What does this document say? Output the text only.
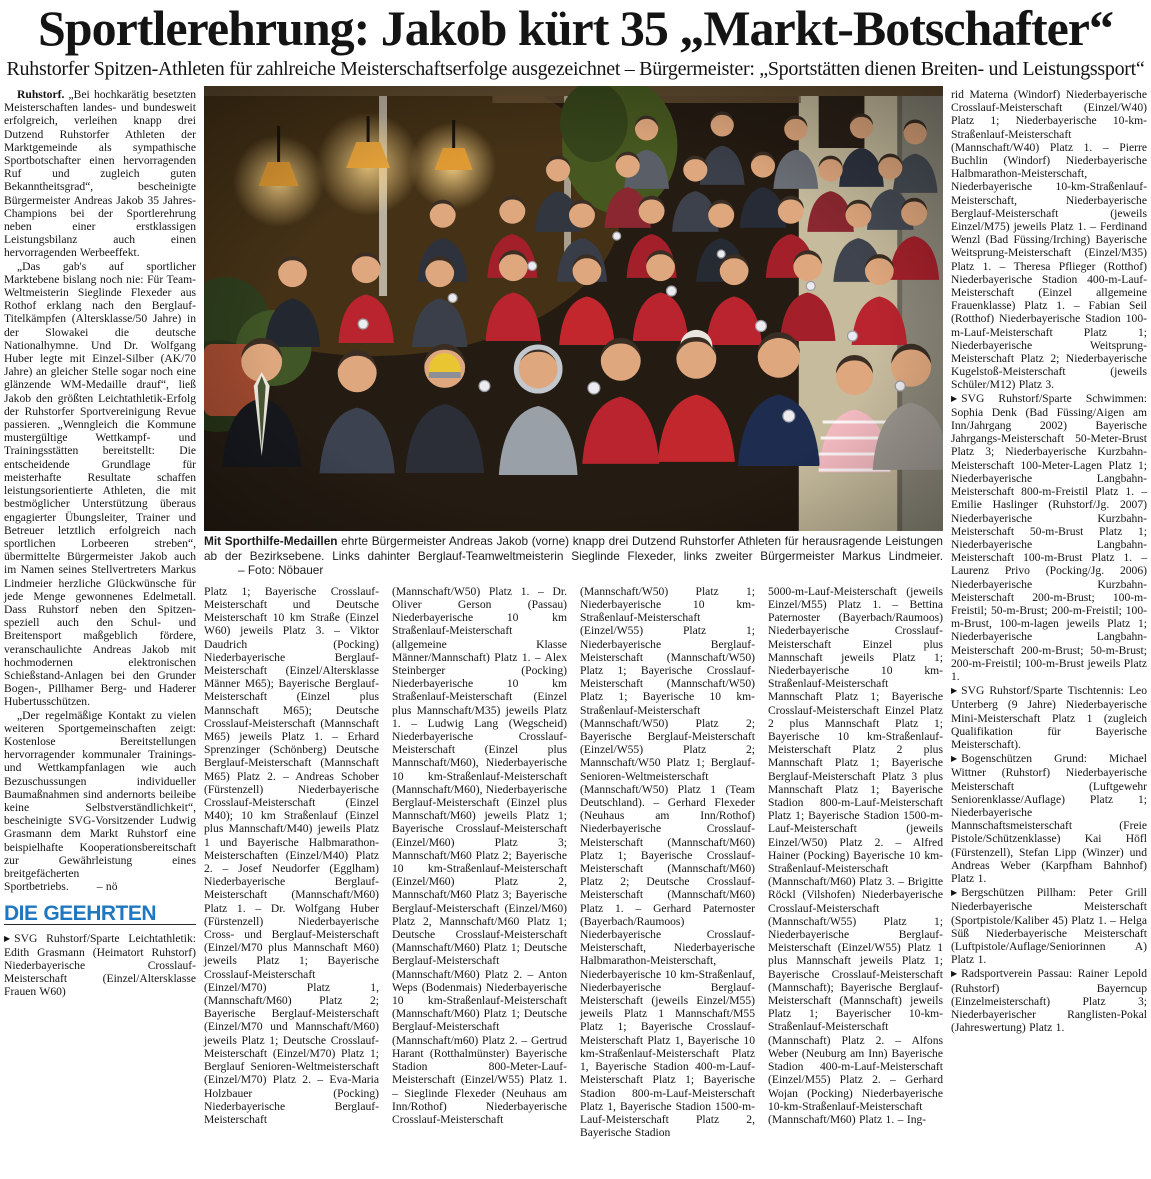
Sportlerehrung: Jakob kürt 35 „Markt-Botschafter“
Ruhstorfer Spitzen-Athleten für zahlreiche Meisterschaftserfolge ausgezeichnet – Bürgermeister: „Sportstätten dienen Breiten- und Leistungssport“

Ruhstorf. „Bei hochkarätig besetzten Meisterschaften landes- und bundesweit erfolgreich, verleihen knapp drei Dutzend Ruhstorfer Athleten der Marktgemeinde als sympathische Sportbotschafter einen hervorragenden Ruf und zugleich guten Bekanntheitsgrad“, bescheinigte Bürgermeister Andreas Jakob 35 Jahres-Champions bei der Sportlerehrung neben einer erstklassigen Leistungsbilanz auch einen hervorragenden Werbeeffekt.

„Das gab's auf sportlicher Marktebene bislang noch nie: Für Team-Weltmeisterin Sieglinde Flexeder aus Rothof erklang nach den Berglauf-Titelkämpfen (Altersklasse/50 Jahre) in der Slowakei die deutsche Nationalhymne. Und Dr. Wolfgang Huber legte mit Einzel-Silber (AK/70 Jahre) an gleicher Stelle sogar noch eine glänzende WM-Medaille drauf“, ließ Jakob den größten Leichtathletik-Erfolg der Ruhstorfer Sportvereinigung Revue passieren. „Wenngleich die Kommune mustergültige Wettkampf- und Trainingsstätten bereitstellt: Die entscheidende Grundlage für meisterhafte Resultate schaffen leistungsorientierte Athleten, die mit bestmöglicher Unterstützung überaus engagierter Übungsleiter, Trainer und Betreuer letztlich erfolgreich nach sportlichen Lorbeeren streben“, übermittelte Bürgermeister Jakob auch im Namen seines Stellvertreters Markus Lindmeier herzliche Glückwünsche für jede Menge gewonnenes Edelmetall. Dass Ruhstorf neben den Spitzen- speziell auch den Schul- und Breitensport maßgeblich fördere, veranschaulichte Andreas Jakob mit hochmodernen elektronischen Schießstand-Anlagen bei den Grunder Bogen-, Pillhamer Berg- und Haderer Hubertusschützen.

„Der regelmäßige Kontakt zu vielen weiteren Sportgemeinschaften zeigt: Kostenlose Bereitstellungen hervorragender kommunaler Trainings- und Wettkampfanlagen wie auch Bezuschussungen individueller Baumaßnahmen sind andernorts beileibe keine Selbstverständlichkeit“, bescheinigte SVG-Vorsitzender Ludwig Grasmann dem Markt Ruhstorf eine beispielhafte Kooperationsbereitschaft zur Gewährleistung eines breitgefächerten Sportbetriebs. – nö

DIE GEEHRTEN
▶ SVG Ruhstorf/Sparte Leichtathletik: Edith Grasmann (Heimatort Ruhstorf) Niederbayerische Crosslauf-Meisterschaft (Einzel/Altersklasse Frauen W60)
Mit Sporthilfe-Medaillen ehrte Bürgermeister Andreas Jakob (vorne) knapp drei Dutzend Ruhstorfer Athleten für herausragende Leistungen ab der Bezirksebene. Links dahinter Berglauf-Teamweltmeisterin Sieglinde Flexeder, links zweiter Bürgermeister Markus Lindmeier.– Foto: Nöbauer
Platz 1; Bayerische Crosslauf-Meisterschaft und Deutsche Meisterschaft 10 km Straße (Einzel W60) jeweils Platz 3. – Viktor Daudrich (Pocking) Niederbayerische Berglauf-Meisterschaft (Einzel/Altersklasse Männer M65); Bayerische Berglauf-Meisterschaft (Einzel plus Mannschaft M65); Deutsche Crosslauf-Meisterschaft (Mannschaft M65) jeweils Platz 1. – Erhard Sprenzinger (Schönberg) Deutsche Berglauf-Meisterschaft (Mannschaft M65) Platz 2. – Andreas Schober (Fürstenzell) Niederbayerische Crosslauf-Meisterschaft (Einzel M40); 10 km Straßenlauf (Einzel plus Mannschaft/M40) jeweils Platz 1 und Bayerische Halbmarathon-Meisterschaften (Einzel/M40) Platz 2. – Josef Neudorfer (Egglham) Niederbayerische Berglauf-Meisterschaft (Mannschaft/M60) Platz 1. – Dr. Wolfgang Huber (Fürstenzell) Niederbayerische Cross- und Berglauf-Meisterschaft (Einzel/M70 plus Mannschaft M60) jeweils Platz 1; Bayerische Crosslauf-Meisterschaft (Einzel/M70) Platz 1, (Mannschaft/M60) Platz 2; Bayerische Berglauf-Meisterschaft (Einzel/M70 und Mannschaft/M60) jeweils Platz 1; Deutsche Crosslauf-Meisterschaft (Einzel/M70) Platz 1; Berglauf Senioren-Weltmeisterschaft (Einzel/M70) Platz 2. – Eva-Maria Holzbauer (Pocking) Niederbayerische Berglauf-Meisterschaft
(Mannschaft/W50) Platz 1. – Dr. Oliver Gerson (Passau) Niederbayerische 10 km Straßenlauf-Meisterschaft (allgemeine Klasse Männer/Mannschaft) Platz 1. – Alex Steinberger (Pocking) Niederbayerische 10 km Straßenlauf-Meisterschaft (Einzel plus Mannschaft/M35) jeweils Platz 1. – Ludwig Lang (Wegscheid) Niederbayerische Crosslauf-Meisterschaft (Einzel plus Mannschaft/M60), Niederbayerische 10 km-Straßenlauf-Meisterschaft (Mannschaft/M60), Niederbayerische Berglauf-Meisterschaft (Einzel plus Mannschaft/M60) jeweils Platz 1; Bayerische Crosslauf-Meisterschaft (Einzel/M60) Platz 3; Mannschaft/M60 Platz 2; Bayerische 10 km-Straßenlauf-Meisterschaft (Einzel/M60) Platz 2, Mannschaft/M60 Platz 3; Bayerische Berglauf-Meisterschaft (Einzel/M60) Platz 2, Mannschaft/M60 Platz 1; Deutsche Crosslauf-Meisterschaft (Mannschaft/M60) Platz 1; Deutsche Berglauf-Meisterschaft (Mannschaft/M60) Platz 2. – Anton Weps (Bodenmais) Niederbayerische 10 km-Straßenlauf-Meisterschaft (Mannschaft/M60) Platz 1; Deutsche Berglauf-Meisterschaft (Mannschaft/m60) Platz 2. – Gertrud Harant (Rotthalmünster) Bayerische Stadion 800-Meter-Lauf-Meisterschaft (Einzel/W55) Platz 1. – Sieglinde Flexeder (Neuhaus am Inn/Rothof) Niederbayerische Crosslauf-Meisterschaft
(Mannschaft/W50) Platz 1; Niederbayerische 10 km-Straßenlauf-Meisterschaft (Einzel/W55) Platz 1; Niederbayerische Berglauf-Meisterschaft (Mannschaft/W50) Platz 1; Bayerische Crosslauf-Meisterschaft (Mannschaft/W50) Platz 1; Bayerische 10 km-Straßenlauf-Meisterschaft (Mannschaft/W50) Platz 2; Bayerische Berglauf-Meisterschaft (Einzel/W55) Platz 2; Mannschaft/W50 Platz 1; Berglauf-Senioren-Weltmeisterschaft (Mannschaft/W50) Platz 1 (Team Deutschland). – Gerhard Flexeder (Neuhaus am Inn/Rothof) Niederbayerische Crosslauf-Meisterschaft (Mannschaft/M60) Platz 1; Bayerische Crosslauf-Meisterschaft (Mannschaft/M60) Platz 2; Deutsche Crosslauf-Meisterschaft (Mannschaft/M60) Platz 1. – Gerhard Paternoster (Bayerbach/Raumoos) Niederbayerische Crosslauf-Meisterschaft, Niederbayerische Halbmarathon-Meisterschaft, Niederbayerische 10 km-Straßenlauf, Niederbayerische Berglauf-Meisterschaft (jeweils Einzel/M55) jeweils Platz 1 Mannschaft/M55 Platz 1; Bayerische Crosslauf-Meisterschaft Platz 1, Bayerische 10 km-Straßenlauf-Meisterschaft Platz 1, Bayerische Stadion 400-m-Lauf-Meisterschaft Platz 1; Bayerische Stadion 800-m-Lauf-Meisterschaft Platz 1, Bayerische Stadion 1500-m-Lauf-Meisterschaft Platz 2, Bayerische Stadion
5000-m-Lauf-Meisterschaft (jeweils Einzel/M55) Platz 1. – Bettina Paternoster (Bayerbach/Raumoos) Niederbayerische Crosslauf-Meisterschaft Einzel plus Mannschaft jeweils Platz 1; Niederbayerische 10 km-Straßenlauf-Meisterschaft Mannschaft Platz 1; Bayerische Crosslauf-Meisterschaft Einzel Platz 2 plus Mannschaft Platz 1; Bayerische 10 km-Straßenlauf-Meisterschaft Platz 2 plus Mannschaft Platz 1; Bayerische Berglauf-Meisterschaft Platz 3 plus Mannschaft Platz 1; Bayerische Stadion 800-m-Lauf-Meisterschaft Platz 1; Bayerische Stadion 1500-m-Lauf-Meisterschaft (jeweils Einzel/W50) Platz 2. – Alfred Hainer (Pocking) Bayerische 10 km-Straßenlauf-Meisterschaft (Mannschaft/M60) Platz 3. – Brigitte Röckl (Vilshofen) Niederbayerische Crosslauf-Meisterschaft (Mannschaft/W55) Platz 1; Niederbayerische Berglauf-Meisterschaft (Einzel/W55) Platz 1 plus Mannschaft jeweils Platz 1; Bayerische Crosslauf-Meisterschaft (Mannschaft); Bayerische Berglauf-Meisterschaft (Mannschaft) jeweils Platz 1; Bayerischer 10-km-Straßenlauf-Meisterschaft (Mannschaft) Platz 2. – Alfons Weber (Neuburg am Inn) Bayerische Stadion 400-m-Lauf-Meisterschaft (Einzel/M55) Platz 2. – Gerhard Wojan (Pocking) Niederbayerische 10-km-Straßenlauf-Meisterschaft (Mannschaft/M60) Platz 1. – Ing-

rid Materna (Windorf) Niederbayerische Crosslauf-Meisterschaft (Einzel/W40) Platz 1; Niederbayerische 10-km-Straßenlauf-Meisterschaft (Mannschaft/W40) Platz 1. – Pierre Buchlin (Windorf) Niederbayerische Halbmarathon-Meisterschaft, Niederbayerische 10-km-Straßenlauf-Meisterschaft, Niederbayerische Berglauf-Meisterschaft (jeweils Einzel/M75) jeweils Platz 1. – Ferdinand Wenzl (Bad Füssing/Irching) Bayerische Weitsprung-Meisterschaft (Einzel/M35) Platz 1. – Theresa Pflieger (Rotthof) Niederbayerische Stadion 400-m-Lauf-Meisterschaft (Einzel allgemeine Frauenklasse) Platz 1. – Fabian Seil (Rotthof) Niederbayerische Stadion 100-m-Lauf-Meisterschaft Platz 1; Niederbayerische Weitsprung-Meisterschaft Platz 2; Niederbayerische Kugelstoß-Meisterschaft (jeweils Schüler/M12) Platz 3.

▶ SVG Ruhstorf/Sparte Schwimmen: Sophia Denk (Bad Füssing/Aigen am Inn/Jahrgang 2002) Bayerische Jahrgangs-Meisterschaft 50-Meter-Brust Platz 3; Niederbayerische Kurzbahn-Meisterschaft 100-Meter-Lagen Platz 1; Niederbayerische Langbahn-Meisterschaft 800-m-Freistil Platz 1. – Emilie Haslinger (Ruhstorf/Jg. 2007) Niederbayerische Kurzbahn-Meisterschaft 50-m-Brust Platz 1; Niederbayerische Langbahn-Meisterschaft 100-m-Brust Platz 1. – Laurenz Privo (Pocking/Jg. 2006) Niederbayerische Kurzbahn-Meisterschaft 200-m-Brust; 100-m-Freistil; 50-m-Brust; 200-m-Freistil; 100-m-Brust, 100-m-lagen jeweils Platz 1; Niederbayerische Langbahn-Meisterschaft 200-m-Brust; 50-m-Brust; 200-m-Freistil; 100-m-Brust jeweils Platz 1.
▶ SVG Ruhstorf/Sparte Tischtennis: Leo Unterberg (9 Jahre) Niederbayerische Mini-Meisterschaft Platz 1 (zugleich Qualifikation für Bayerische Meisterschaft).
▶ Bogenschützen Grund: Michael Wittner (Ruhstorf) Niederbayerische Meisterschaft (Luftgewehr Seniorenklasse/Auflage) Platz 1; Niederbayerische Mannschaftsmeisterschaft (Freie Pistole/Schützenklasse) Kai Höfl (Fürstenzell), Stefan Lipp (Winzer) und Andreas Weber (Karpfham Bahnhof) Platz 1.
▶ Bergschützen Pillham: Peter Grill Niederbayerische Meisterschaft (Sportpistole/Kaliber 45) Platz 1. – Helga Süß Niederbayerische Meisterschaft (Luftpistole/Auflage/Seniorinnen A) Platz 1.
▶ Radsportverein Passau: Rainer Lepold (Ruhstorf) Bayerncup (Einzelmeisterschaft) Platz 3; Niederbayerischer Ranglisten-Pokal (Jahreswertung) Platz 1.
